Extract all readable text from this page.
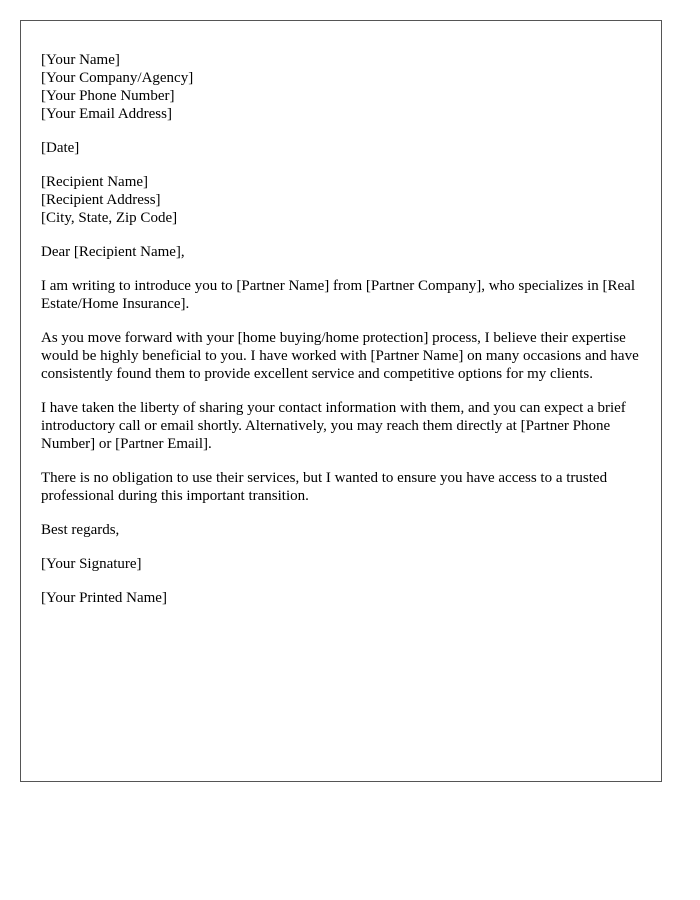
[Your Name]
[Your Company/Agency]
[Your Phone Number]
[Your Email Address]
[Date]
[Recipient Name]
[Recipient Address]
[City, State, Zip Code]

Dear [Recipient Name],

I am writing to introduce you to [Partner Name] from [Partner Company], who specializes in [Real Estate/Home Insurance].

As you move forward with your [home buying/home protection] process, I believe their expertise would be highly beneficial to you. I have worked with [Partner Name] on many occasions and have consistently found them to provide excellent service and competitive options for my clients.

I have taken the liberty of sharing your contact information with them, and you can expect a brief introductory call or email shortly. Alternatively, you may reach them directly at [Partner Phone Number] or [Partner Email].

There is no obligation to use their services, but I wanted to ensure you have access to a trusted professional during this important transition.

Best regards,

[Your Signature]

[Your Printed Name]
